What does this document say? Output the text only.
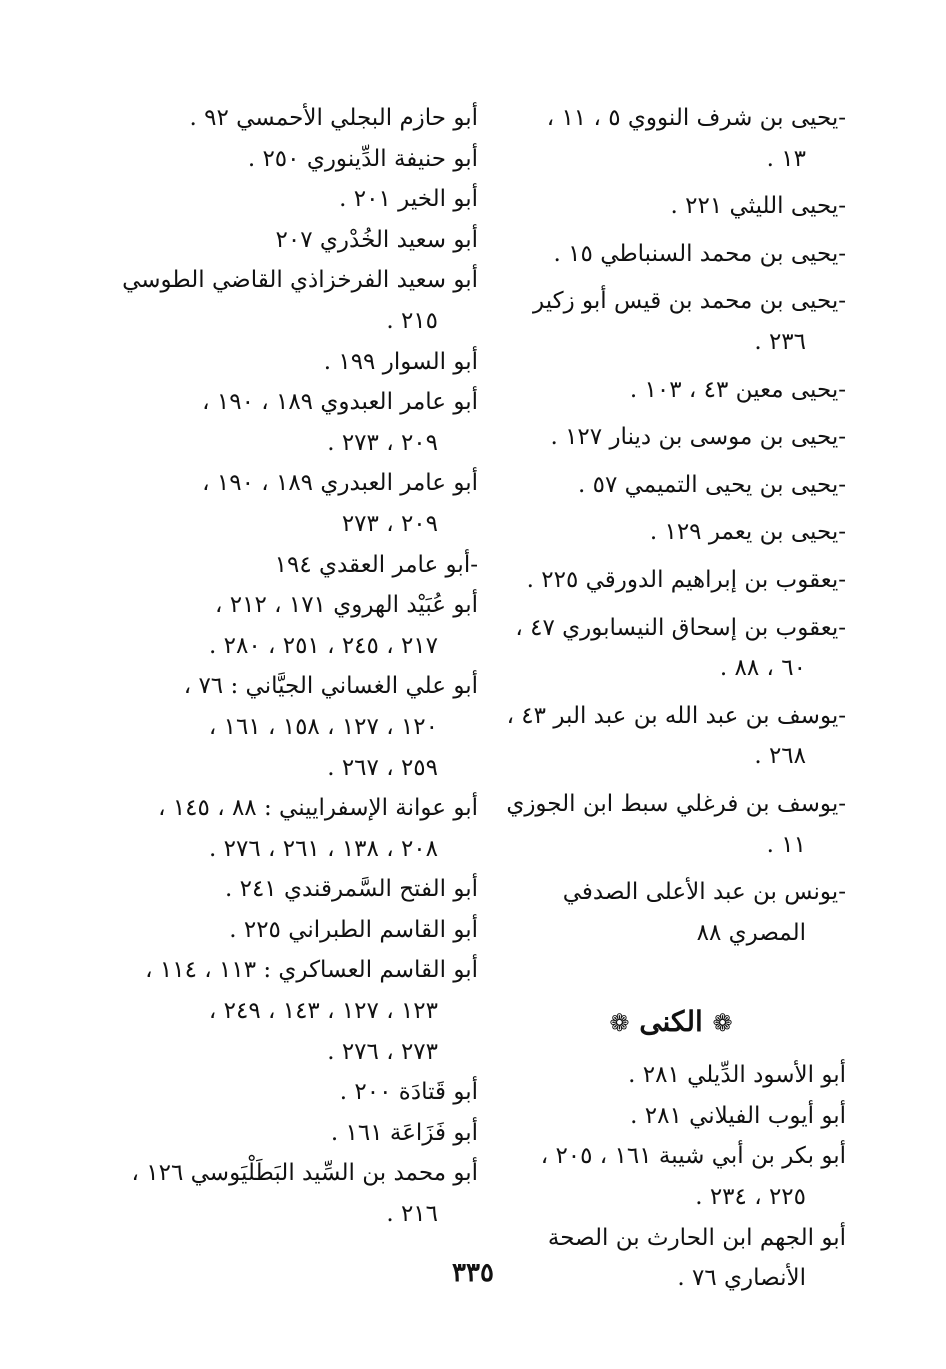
-يحيى بن شرف النووي ٥ ، ١١ ،
١٣ .
-يحيى الليثي ٢٢١ .
-يحيى بن محمد السنباطي ١٥ .
-يحيى بن محمد بن قيس أبو زكير
٢٣٦ .
-يحيى معين ٤٣ ، ١٠٣ .
-يحيى بن موسى بن دينار ١٢٧ .
-يحيى بن يحيى التميمي ٥٧ .
-يحيى بن يعمر ١٢٩ .
-يعقوب بن إبراهيم الدورقي ٢٢٥ .
-يعقوب بن إسحاق النيسابوري ٤٧ ،
٦٠ ، ٨٨ .
-يوسف بن عبد الله بن عبد البر ٤٣ ،
٢٦٨ .
-يوسف بن فرغلي سبط ابن الجوزي
١١ .
-يونس بن عبد الأعلى الصدفي
المصري ٨٨
❁ الكنى ❁
أبو الأسود الدِّيلي ٢٨١ .
أبو أيوب الفيلاني ٢٨١ .
أبو بكر بن أبي شيبة ١٦١ ، ٢٠٥ ،
٢٢٥ ، ٢٣٤ .
أبو الجهم ابن الحارث بن الصحة
الأنصاري ٧٦ .
أبو حازم البجلي الأحمسي ٩٢ .
أبو حنيفة الدِّينوري ٢٥٠ .
أبو الخير ٢٠١ .
أبو سعيد الخُدْري ٢٠٧
أبو سعيد الفرخزاذي القاضي الطوسي
٢١٥ .
أبو السوار ١٩٩ .
أبو عامر العبدوي ١٨٩ ، ١٩٠ ،
٢٠٩ ، ٢٧٣ .
أبو عامر العبدري ١٨٩ ، ١٩٠ ،
٢٠٩ ، ٢٧٣
-أبو عامر العقدي ١٩٤
أبو عُبَيْد الهروي ١٧١ ، ٢١٢ ،
٢١٧ ، ٢٤٥ ، ٢٥١ ، ٢٨٠ .
أبو علي الغساني الجيَّاني : ٧٦ ،
١٢٠ ، ١٢٧ ، ١٥٨ ، ١٦١ ،
٢٥٩ ، ٢٦٧ .
أبو عوانة الإسفراييني : ٨٨ ، ١٤٥ ،
٢٠٨ ، ١٣٨ ، ٢٦١ ، ٢٧٦ .
أبو الفتح السَّمرقندي ٢٤١ .
أبو القاسم الطبراني ٢٢٥ .
أبو القاسم العساكري : ١١٣ ، ١١٤ ،
١٢٣ ، ١٢٧ ، ١٤٣ ، ٢٤٩ ،
٢٧٣ ، ٢٧٦ .
أبو قَتادَة ٢٠٠ .
أبو فَزَاعَة ١٦١ .
أبو محمد بن السِّيد البَطَلْيَوسي ١٢٦ ،
٢١٦ .
٣٣٥
